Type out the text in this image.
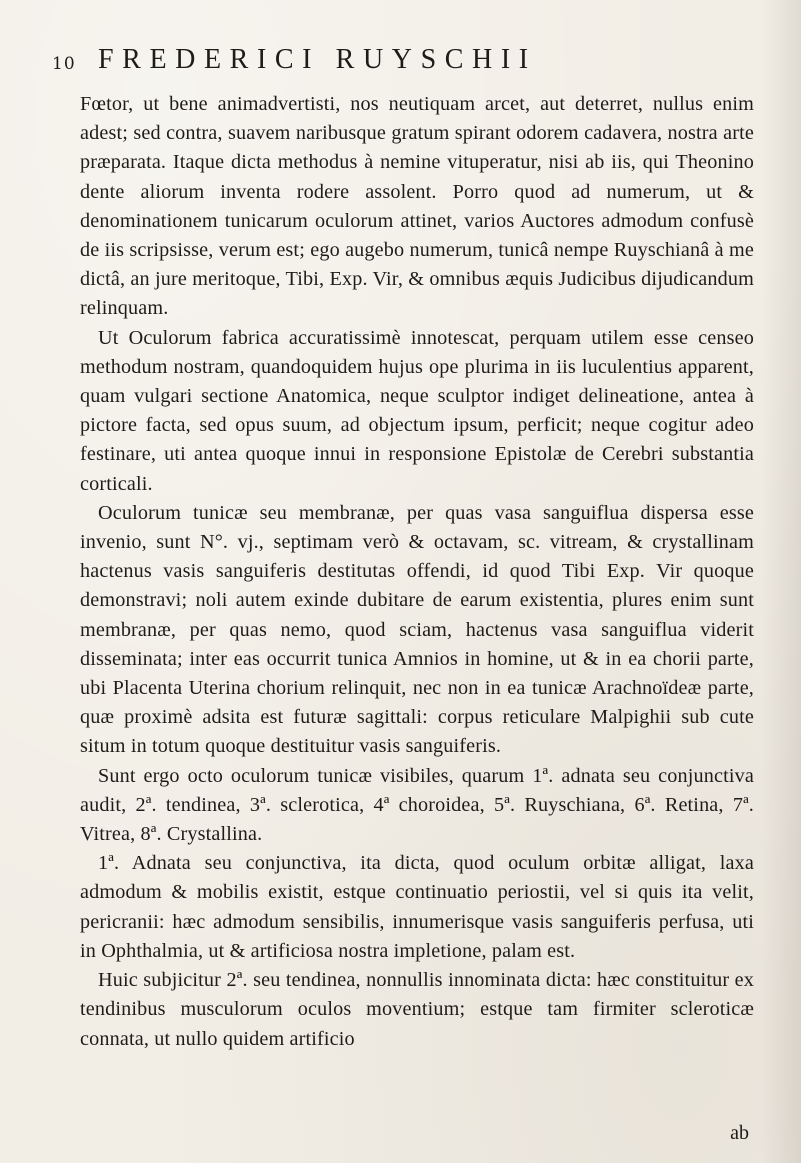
10 FREDERICI RUYSCHII

Fœtor, ut bene animadvertisti, nos neutiquam arcet, aut deterret, nullus enim adest; sed contra, suavem naribusque gratum spirant odorem cadavera, nostra arte præparata. Itaque dicta methodus à nemine vituperatur, nisi ab iis, qui Theonino dente aliorum inventa rodere assolent. Porro quod ad numerum, ut & denominationem tunicarum oculorum attinet, varios Auctores admodum confusè de iis scripsisse, verum est; ego augebo numerum, tunicâ nempe Ruyschianâ à me dictâ, an jure meritoque, Tibi, Exp. Vir, & omnibus æquis Judicibus dijudicandum relinquam.

Ut Oculorum fabrica accuratissimè innotescat, perquam utilem esse censeo methodum nostram, quandoquidem hujus ope plurima in iis luculentius apparent, quam vulgari sectione Anatomica, neque sculptor indiget delineatione, antea à pictore facta, sed opus suum, ad objectum ipsum, perficit; neque cogitur adeo festinare, uti antea quoque innui in responsione Epistolæ de Cerebri substantia corticali.

Oculorum tunicæ seu membranæ, per quas vasa sanguiflua dispersa esse invenio, sunt N°. vj., septimam verò & octavam, sc. vitream, & crystallinam hactenus vasis sanguiferis destitutas offendi, id quod Tibi Exp. Vir quoque demonstravi; noli autem exinde dubitare de earum existentia, plures enim sunt membranæ, per quas nemo, quod sciam, hactenus vasa sanguiflua viderit disseminata; inter eas occurrit tunica Amnios in homine, ut & in ea chorii parte, ubi Placenta Uterina chorium relinquit, nec non in ea tunicæ Arachnoïdeæ parte, quæ proximè adsita est futuræ sagittali: corpus reticulare Malpighii sub cute situm in totum quoque destituitur vasis sanguiferis.

Sunt ergo octo oculorum tunicæ visibiles, quarum 1ª. adnata seu conjunctiva audit, 2ª. tendinea, 3ª. sclerotica, 4ª choroidea, 5ª. Ruyschiana, 6ª. Retina, 7ª. Vitrea, 8ª. Crystallina.

1ª. Adnata seu conjunctiva, ita dicta, quod oculum orbitæ alligat, laxa admodum & mobilis existit, estque continuatio periostii, vel si quis ita velit, pericranii: hæc admodum sensibilis, innumerisque vasis sanguiferis perfusa, uti in Ophthalmia, ut & artificiosa nostra impletione, palam est.

Huic subjicitur 2ª. seu tendinea, nonnullis innominata dicta: hæc constituitur ex tendinibus musculorum oculos moventium; estque tam firmiter scleroticæ connata, ut nullo quidem artificio

ab
